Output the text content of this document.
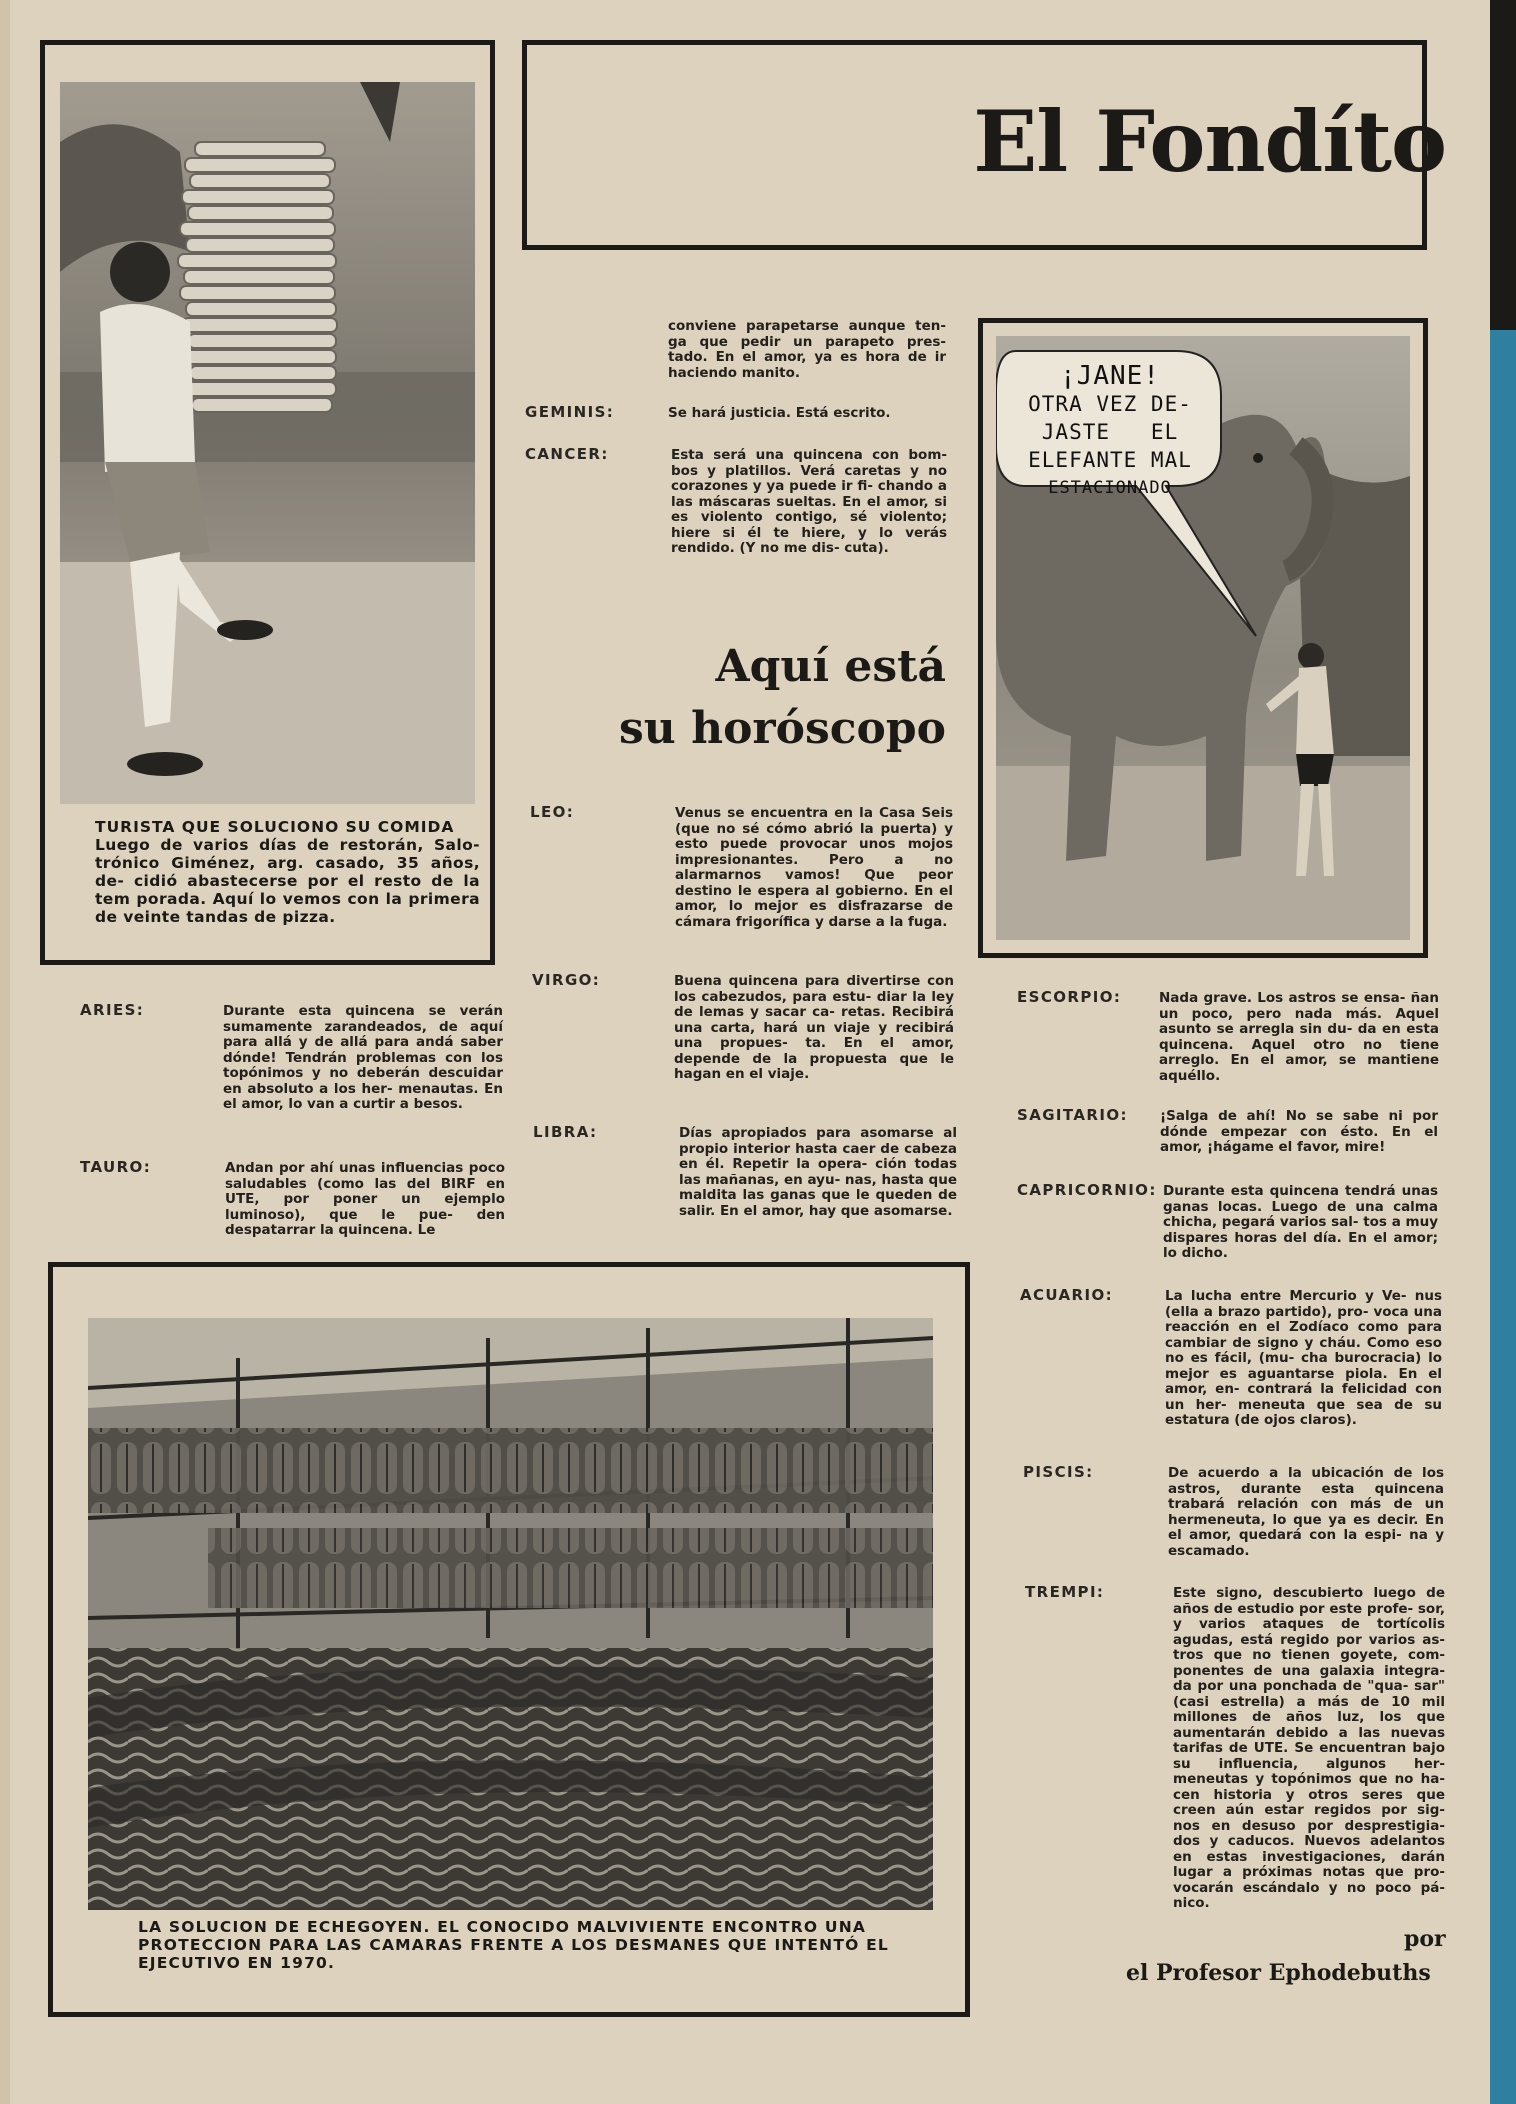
El Fondíto
TURISTA QUE SOLUCIONO SU COMIDA
Luego de varios días de restorán, Salo- trónico Giménez, arg. casado, 35 años, de- cidió abastecerse por el resto de la tem porada. Aquí lo vemos con la primera de veinte tandas de pizza.
¡JANE!
OTRA VEZ DE-
JASTE   EL
ELEFANTE MAL
ESTACIONADO
LA SOLUCION DE ECHEGOYEN. EL CONOCIDO MALVIVIENTE ENCONTRO UNA PROTECCION PARA LAS CAMARAS FRENTE A LOS DESMANES QUE INTENTÓ EL EJECUTIVO EN 1970.
Aquí está
su horóscopo
conviene parapetarse aunque ten- ga que pedir un parapeto pres- tado. En el amor, ya es hora de ir haciendo manito.
GEMINIS:	Se hará justicia. Está escrito.
CANCER:	Esta será una quincena con bom- bos y platillos. Verá caretas y no corazones y ya puede ir fi- chando a las máscaras sueltas. En el amor, si es violento contigo, sé violento; hiere si él te hiere, y lo verás rendido. (Y no me dis- cuta).
LEO:	Venus se encuentra en la Casa Seis (que no sé cómo abrió la puerta) y esto puede provocar unos mojos impresionantes. Pero a no alarmarnos vamos! Que peor destino le espera al gobierno. En el amor, lo mejor es disfrazarse de cámara frigorífica y darse a la fuga.
VIRGO:	Buena quincena para divertirse con los cabezudos, para estu- diar la ley de lemas y sacar ca- retas. Recibirá una carta, hará un viaje y recibirá una propues- ta. En el amor, depende de la propuesta que le hagan en el viaje.
LIBRA:	Días apropiados para asomarse al propio interior hasta caer de cabeza en él. Repetir la opera- ción todas las mañanas, en ayu- nas, hasta que maldita las ganas que le queden de salir. En el amor, hay que asomarse.
ARIES:	Durante esta quincena se verán sumamente zarandeados, de aquí para allá y de allá para andá saber dónde! Tendrán problemas con los topónimos y no deberán descuidar en absoluto a los her- menautas. En el amor, lo van a curtir a besos.
TAURO:	Andan por ahí unas influencias poco saludables (como las del BIRF en UTE, por poner un ejemplo luminoso), que le pue- den despatarrar la quincena. Le
ESCORPIO:	Nada grave. Los astros se ensa- ñan un poco, pero nada más. Aquel asunto se arregla sin du- da en esta quincena. Aquel otro no tiene arreglo. En el amor, se mantiene aquéllo.
SAGITARIO: ¡Salga de ahí! No se sabe ni por dónde empezar con ésto. En el amor, ¡hágame el favor, mire!
CAPRICORNIO: Durante esta quincena tendrá unas ganas locas. Luego de una calma chicha, pegará varios sal- tos a muy dispares horas del día. En el amor; lo dicho.
ACUARIO:	La lucha entre Mercurio y Ve- nus (ella a brazo partido), pro- voca una reacción en el Zodíaco como para cambiar de signo y cháu. Como eso no es fácil, (mu- cha burocracia) lo mejor es aguantarse piola. En el amor, en- contrará la felicidad con un her- meneuta que sea de su estatura (de ojos claros).
PISCIS:	De acuerdo a la ubicación de los astros, durante esta quincena trabará relación con más de un hermeneuta, lo que ya es decir. En el amor, quedará con la espi- na y escamado.
TREMPI:	Este signo, descubierto luego de años de estudio por este profe- sor, y varios ataques de tortícolis agudas, está regido por varios as- tros que no tienen goyete, com- ponentes de una galaxia integra- da por una ponchada de "qua- sar" (casi estrella) a más de 10 mil millones de años luz, los que aumentarán debido a las nuevas tarifas de UTE. Se encuentran bajo su influencia, algunos her- meneutas y topónimos que no ha- cen historia y otros seres que creen aún estar regidos por sig- nos en desuso por desprestigia- dos y caducos. Nuevos adelantos en estas investigaciones, darán lugar a próximas notas que pro- vocarán escándalo y no poco pá- nico.
por
el Profesor Ephodebuths
